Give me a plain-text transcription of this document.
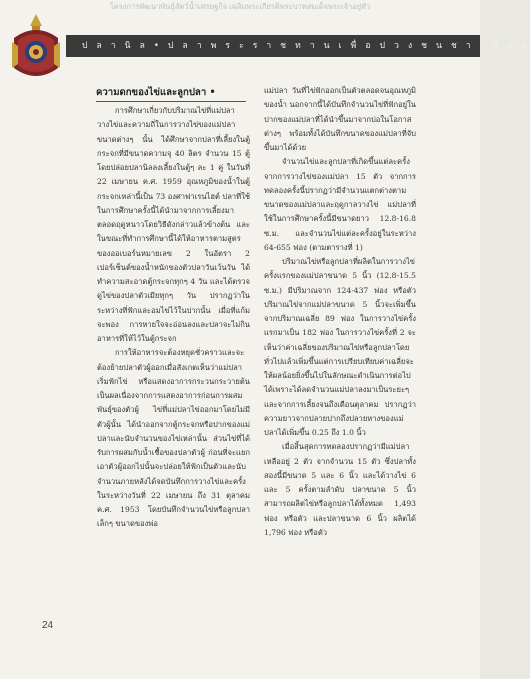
โครงการพัฒนาพันธุ์สัตว์น้ำเศรษฐกิจ เฉลิมพระเกียรติพระบาทสมเด็จพระเจ้าอยู่หัว
ป ล า นิ ล • ป ล า พ ร ะ ร า ช ท า น เ พื่ อ ป ว ง ช น ช า ว ไ ท ย
ความดกของไข่และลูกปลา •

การศึกษาเกี่ยวกับปริมาณไข่ที่แม่ปลาวางไข่และความถี่ในการวางไข่ของแม่ปลาขนาดต่างๆ นั้น ได้ศึกษาจากปลาที่เลี้ยงในตู้กระจกที่มีขนาดความจุ 40 ลิตร จำนวน 15 ตู้ โดยปล่อยปลานิลลงเลี้ยงในตู้ๆ ละ 1 คู่ ในวันที่ 22 เมษายน ค.ศ. 1959 อุณหภูมิของน้ำในตู้กระจกเหล่านี้เป็น 73 องศาฟาเรนไฮต์ ปลาที่ใช้ในการศึกษาครั้งนี้ได้นำมาจากการเลี้ยงมาตลอดฤดูหนาวโดยวิธีดังกล่าวแล้วข้างต้น และในขณะที่ทำการศึกษานี้ได้ให้อาหารตามสูตรของออเบอร์นหมายเลข 2 ในอัตรา 2 เปอร์เซ็นต์ของน้ำหนักของตัวปลาวันเว้นวัน ได้ทำความสะอาดตู้กระจกทุกๆ 4 วัน และได้ตรวจดูไข่ของปลาตัวเมียทุกๆ วัน ปรากฏว่าในระหว่างที่ฟักและอมไข่ไว้ในปากนั้น เมื่อที่แก้มจะพอง การหายใจจะอ่อนลงและปลาจะไม่กินอาหารที่ให้ไว้ในตู้กระจก

การให้อาหารจะต้องหยุดชั่วคราวและจะต้องย้ายปลาตัวผู้ออกเมื่อสังเกตเห็นว่าแม่ปลาเริ่มฟักไข่ หรือแสดงอาการกระวนกระวายต้นเป็นผลเนื่องจากการแสดงอาการก่อนการผสมพันธุ์ของตัวผู้ ไข่ที่แม่ปลาไข่ออกมาโดยไม่มีตัวผู้นั้น ได้นำออกจากตู้กระจกหรือปากของแม่ปลาและนับจำนวนของไข่เหล่านั้น ส่วนไข่ที่ได้รับการผสมกับน้ำเชื้อของปลาตัวผู้ ก่อนที่จะแยกเอาตัวผู้ออกไปนั้นจะปล่อยให้ฟักเป็นตัวและนับจำนวนภายหลังได้จดบันทึกการวางไข่และครั้งในระหว่างวันที่ 22 เมษายน ถึง 31 ตุลาคม ค.ศ. 1953 โดยบันทึกจำนวนไข่หรือลูกปลาเล็กๆ ขนาดของพ่อ

แม่ปลา วันที่ไข่ฟักออกเป็นตัวตลอดจนอุณหภูมิของน้ำ นอกจากนี้ได้บันทึกจำนวนไข่ที่ฟักอยู่ในปากของแม่ปลาที่ได้นำขึ้นมาจากบ่อในโอกาสต่างๆ พร้อมทั้งได้บันทึกขนาดของแม่ปลาที่จับขึ้นมาได้ด้วย

จำนวนไข่และลูกปลาที่เกิดขึ้นแต่ละครั้งจากการวางไข่ของแม่ปลา 15 ตัว จากการทดลองครั้งนี้ปรากฏว่ามีจำนวนแตกต่างตามขนาดของแม่ปลาและฤดูกาลวางไข่ แม่ปลาที่ใช้ในการศึกษาครั้งนี้มีขนาดยาว 12.8-16.8 ซ.ม. และจำนวนไข่แต่ละครั้งอยู่ในระหว่าง 64-655 ฟอง (ตามตารางที่ 1)

ปริมาณไข่หรือลูกปลาที่ผลิตในการวางไข่ครั้งแรกของแม่ปลาขนาด 5 นิ้ว (12.8-15.5 ซ.ม.) มีปริมาณจาก 124-437 ฟอง หรือตัว ปริมาณไข่จากแม่ปลาขนาด 5 นิ้วจะเพิ่มขึ้นจากปริมาณเฉลี่ย 89 ฟอง ในการวางไข่ครั้งแรกมาเป็น 182 ฟอง ในการวางไข่ครั้งที่ 2 จะเห็นว่าค่าเฉลี่ยของปริมาณไข่หรือลูกปลาโดยทั่วไปแล้วเพิ่มขึ้นแต่การเปรียบเทียบค่าเฉลี่ยจะให้ผลน้อยยิ่งขึ้นไปในลักษณะดำเนินการต่อไปได้เพราะได้ลดจำนวนแม่ปลาลงมาเป็นระยะๆ และจากการเลี้ยงจนถึงเดือนตุลาคม ปรากฏว่าความยาวจากปลายปากถึงปลายหางของแม่ปลาได้เพิ่มขึ้น 0.25 ถึง 1.0 นิ้ว

เมื่อสิ้นสุดการทดลองปรากฏว่ามีแม่ปลาเหลืออยู่ 2 ตัว จากจำนวน 15 ตัว ซึ่งปลาทั้งสองนี้มีขนาด 5 และ 6 นิ้ว และได้วางไข่ 6 และ 5 ครั้งตามลำดับ ปลาขนาด 5 นิ้ว สามารถผลิตไข่หรือลูกปลาได้ทั้งหมด 1,493 ฟอง หรือตัว และปลาขนาด 6 นิ้ว ผลิตได้ 1,796 ฟอง หรือตัว

24
